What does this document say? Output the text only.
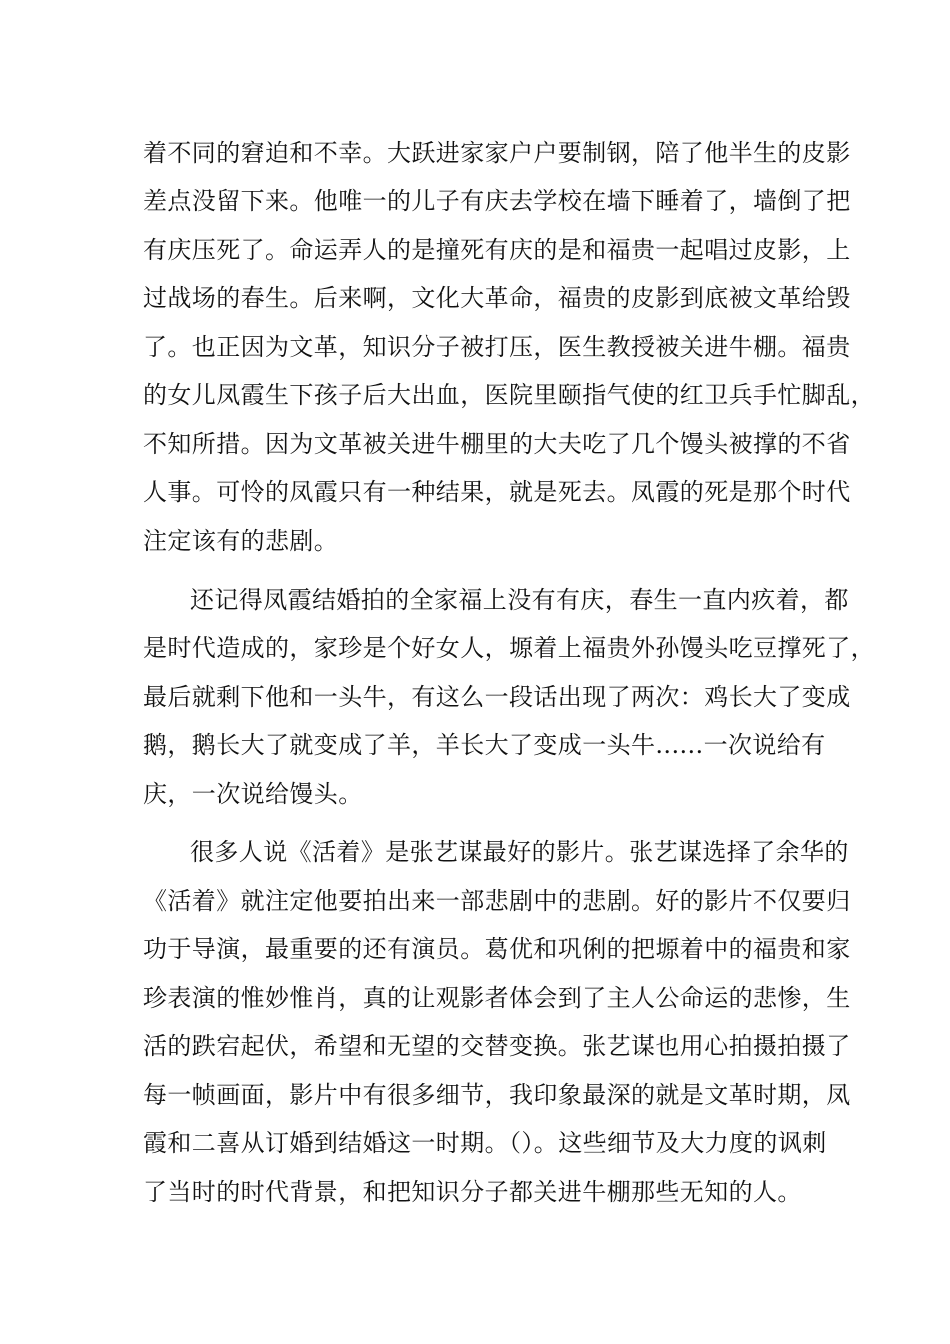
着不同的窘迫和不幸。大跃进家家户户要制钢，陪了他半生的皮影
差点没留下来。他唯一的儿子有庆去学校在墙下睡着了，墙倒了把
有庆压死了。命运弄人的是撞死有庆的是和福贵一起唱过皮影，上
过战场的春生。后来啊，文化大革命，福贵的皮影到底被文革给毁
了。也正因为文革，知识分子被打压，医生教授被关进牛棚。福贵
的女儿凤霞生下孩子后大出血，医院里颐指气使的红卫兵手忙脚乱，
不知所措。因为文革被关进牛棚里的大夫吃了几个馒头被撑的不省
人事。可怜的凤霞只有一种结果，就是死去。凤霞的死是那个时代
注定该有的悲剧。
还记得凤霞结婚拍的全家福上没有有庆，春生一直内疚着，都
是时代造成的，家珍是个好女人，塬着上福贵外孙馒头吃豆撑死了，
最后就剩下他和一头牛，有这么一段话出现了两次：鸡长大了变成
鹅，鹅长大了就变成了羊，羊长大了变成一头牛......一次说给有
庆，一次说给馒头。
很多人说《活着》是张艺谋最好的影片。张艺谋选择了余华的
《活着》就注定他要拍出来一部悲剧中的悲剧。好的影片不仅要归
功于导演，最重要的还有演员。葛优和巩俐的把塬着中的福贵和家
珍表演的惟妙惟肖，真的让观影者体会到了主人公命运的悲惨，生
活的跌宕起伏，希望和无望的交替变换。张艺谋也用心拍摄拍摄了
每一帧画面，影片中有很多细节，我印象最深的就是文革时期，凤
霞和二喜从订婚到结婚这一时期。（）。这些细节及大力度的讽刺
了当时的时代背景，和把知识分子都关进牛棚那些无知的人。
